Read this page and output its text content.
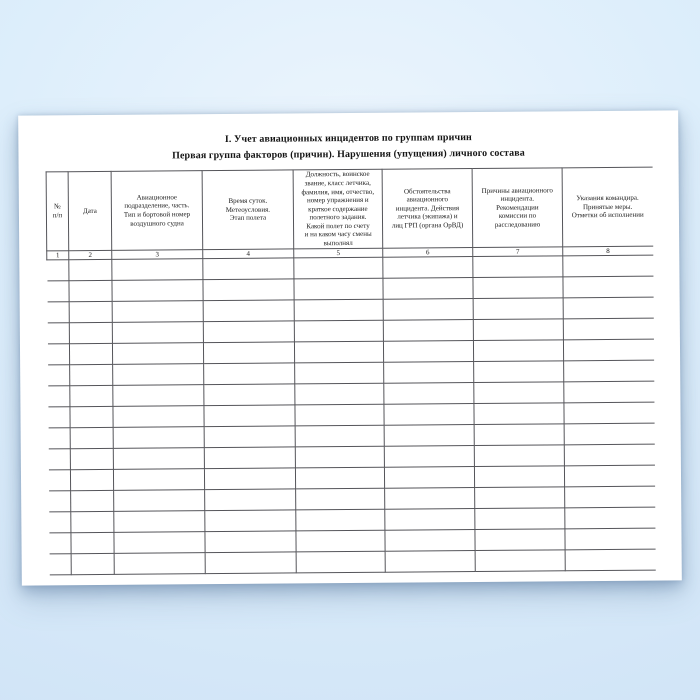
I. Учет авиационных инцидентов по группам причин
Первая группа факторов (причин). Нарушения (упущения) личного состава
№
п/п	Дата	Авиационное
подразделение, часть.
Тип и бортовой номер
воздушного судна	Время суток.
Метеоусловия.
Этап полета	Должность, воинское
звание, класс летчика,
фамилия, имя, отчество,
номер упражнения и
краткое содержание
полетного задания.
Какой полет по счету
и на каком часу смены
выполнял	Обстоятельства
авиационного
инцидента. Действия
летчика (экипажа) и
лиц ГРП (органа ОрВД)	Причины авиационного
инцидента.
Рекомендации
комиссии по
расследованию	Указания командира.
Принятые меры.
Отметки об исполнении
1	2	3	4	5	6	7	8
